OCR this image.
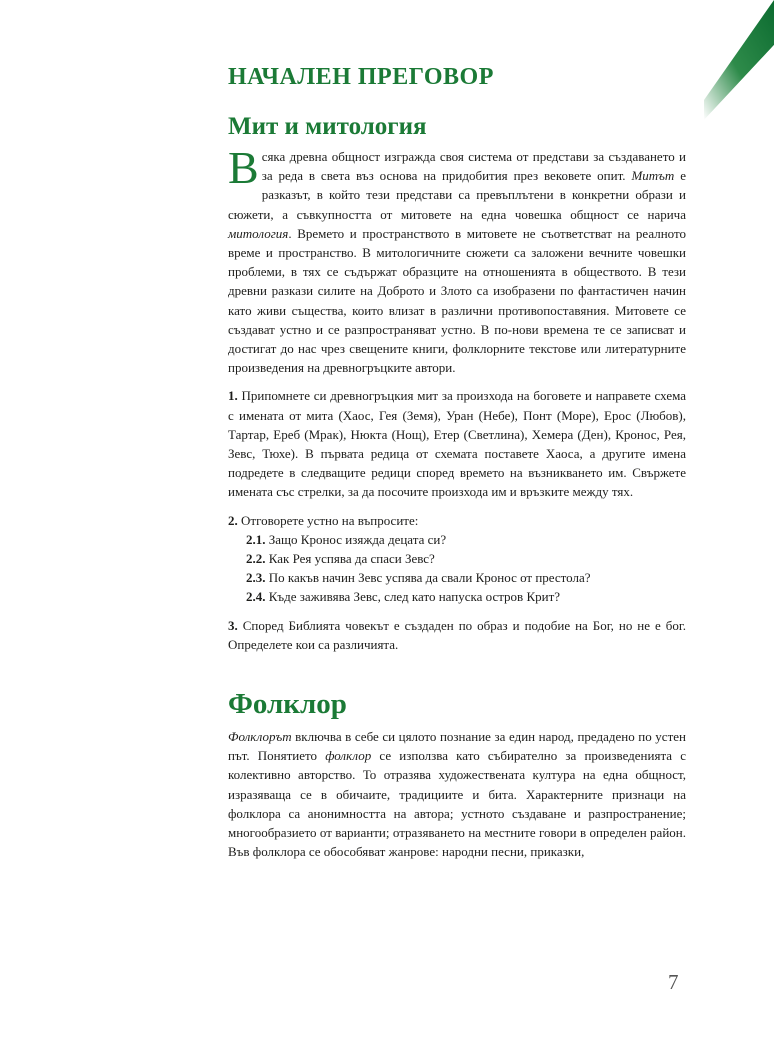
НАЧАЛЕН ПРЕГОВОР
Мит и митология

Всяка древна общност изгражда своя система от представи за създаването и за реда в света въз основа на придобития през вековете опит. Митът е разказът, в който тези представи са превъплътени в конкретни образи и сюжети, а съвкупността от митовете на една човешка общност се нарича митология. Времето и пространството в митовете не съответстват на реалното време и пространство. В митологичните сюжети са заложени вечните човешки проблеми, в тях се съдържат образците на отношенията в обществото. В тези древни разкази силите на Доброто и Злото са изобразени по фантастичен начин като живи същества, които влизат в различни противопоставяния. Митовете се създават устно и се разпространяват устно. В по-нови времена те се записват и достигат до нас чрез свещените книги, фолклорните текстове или литературните произведения на древногръцките автори.

1. Припомнете си древногръцкия мит за произхода на боговете и направете схема с имената от мита (Хаос, Гея (Земя), Уран (Небе), Понт (Море), Ерос (Любов), Тартар, Ереб (Мрак), Нюкта (Нощ), Етер (Светлина), Хемера (Ден), Кронос, Рея, Зевс, Тюхе). В първата редица от схемата поставете Хаоса, а другите имена подредете в следващите редици според времето на възникването им. Свържете имената със стрелки, за да посочите произхода им и връзките между тях.

2. Отговорете устно на въпросите:

2.1. Защо Кронос изяжда децата си?

2.2. Как Рея успява да спаси Зевс?

2.3. По какъв начин Зевс успява да свали Кронос от престола?

2.4. Къде заживява Зевс, след като напуска остров Крит?

3. Според Библията човекът е създаден по образ и подобие на Бог, но не е бог. Определете кои са различията.

Фолклор

Фолклорът включва в себе си цялото познание за един народ, предадено по устен път. Понятието фолклор се използва като събирателно за произведенията с колективно авторство. То отразява художествената култура на една общност, изразяваща се в обичаите, традициите и бита. Характерните признаци на фолклора са анонимността на автора; устното създаване и разпространение; многообразието от варианти; отразяването на местните говори в определен район. Във фолклора се обособяват жанрове: народни песни, приказки,

7
